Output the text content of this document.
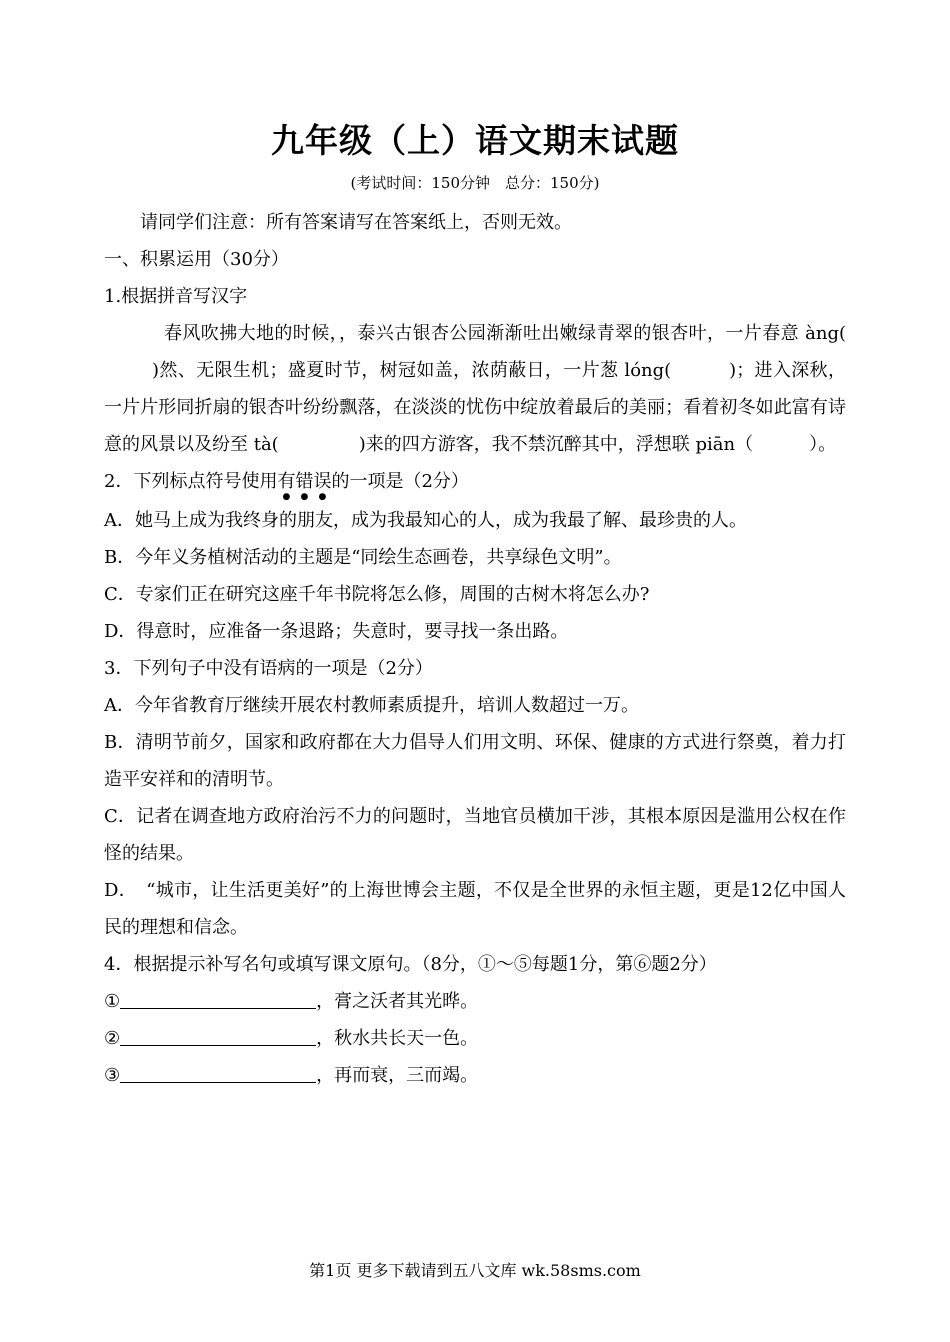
九年级（上）语文期末试题
(考试时间：150分钟　总分：150分)
请同学们注意：所有答案请写在答案纸上，否则无效。
一、积累运用（30分）
1.根据拼音写汉字
春风吹拂大地的时候，，泰兴古银杏公园渐渐吐出嫩绿青翠的银杏叶，一片春意 àng()然、无限生机；盛夏时节，树冠如盖，浓荫蔽日，一片葱 lóng(	)；进入深秋，一片片形同折扇的银杏叶纷纷飘落，在淡淡的忧伤中绽放着最后的美丽；看着初冬如此富有诗意的风景以及纷至 tà(	)来的四方游客，我不禁沉醉其中，浮想联 piān（	）。
2．下列标点符号使用有错误的一项是（2分）
A．她马上成为我终身的朋友，成为我最知心的人，成为我最了解、最珍贵的人。
B．今年义务植树活动的主题是“同绘生态画卷，共享绿色文明”。
C．专家们正在研究这座千年书院将怎么修，周围的古树木将怎么办?
D．得意时，应准备一条退路；失意时，要寻找一条出路。
3．下列句子中没有语病的一项是（2分）
A．今年省教育厅继续开展农村教师素质提升，培训人数超过一万。
B．清明节前夕，国家和政府都在大力倡导人们用文明、环保、健康的方式进行祭奠，着力打造平安祥和的清明节。
C．记者在调查地方政府治污不力的问题时，当地官员横加干涉，其根本原因是滥用公权在作怪的结果。
D．　“城市，让生活更美好”的上海世博会主题，不仅是全世界的永恒主题，更是12亿中国人民的理想和信念。
4．根据提示补写名句或填写课文原句。（8分，①～⑤每题1分，第⑥题2分）
①	，膏之沃者其光晔。
②	，秋水共长天一色。
③	，再而衰，三而竭。
第1页 更多下载请到五八文库 wk.58sms.com
